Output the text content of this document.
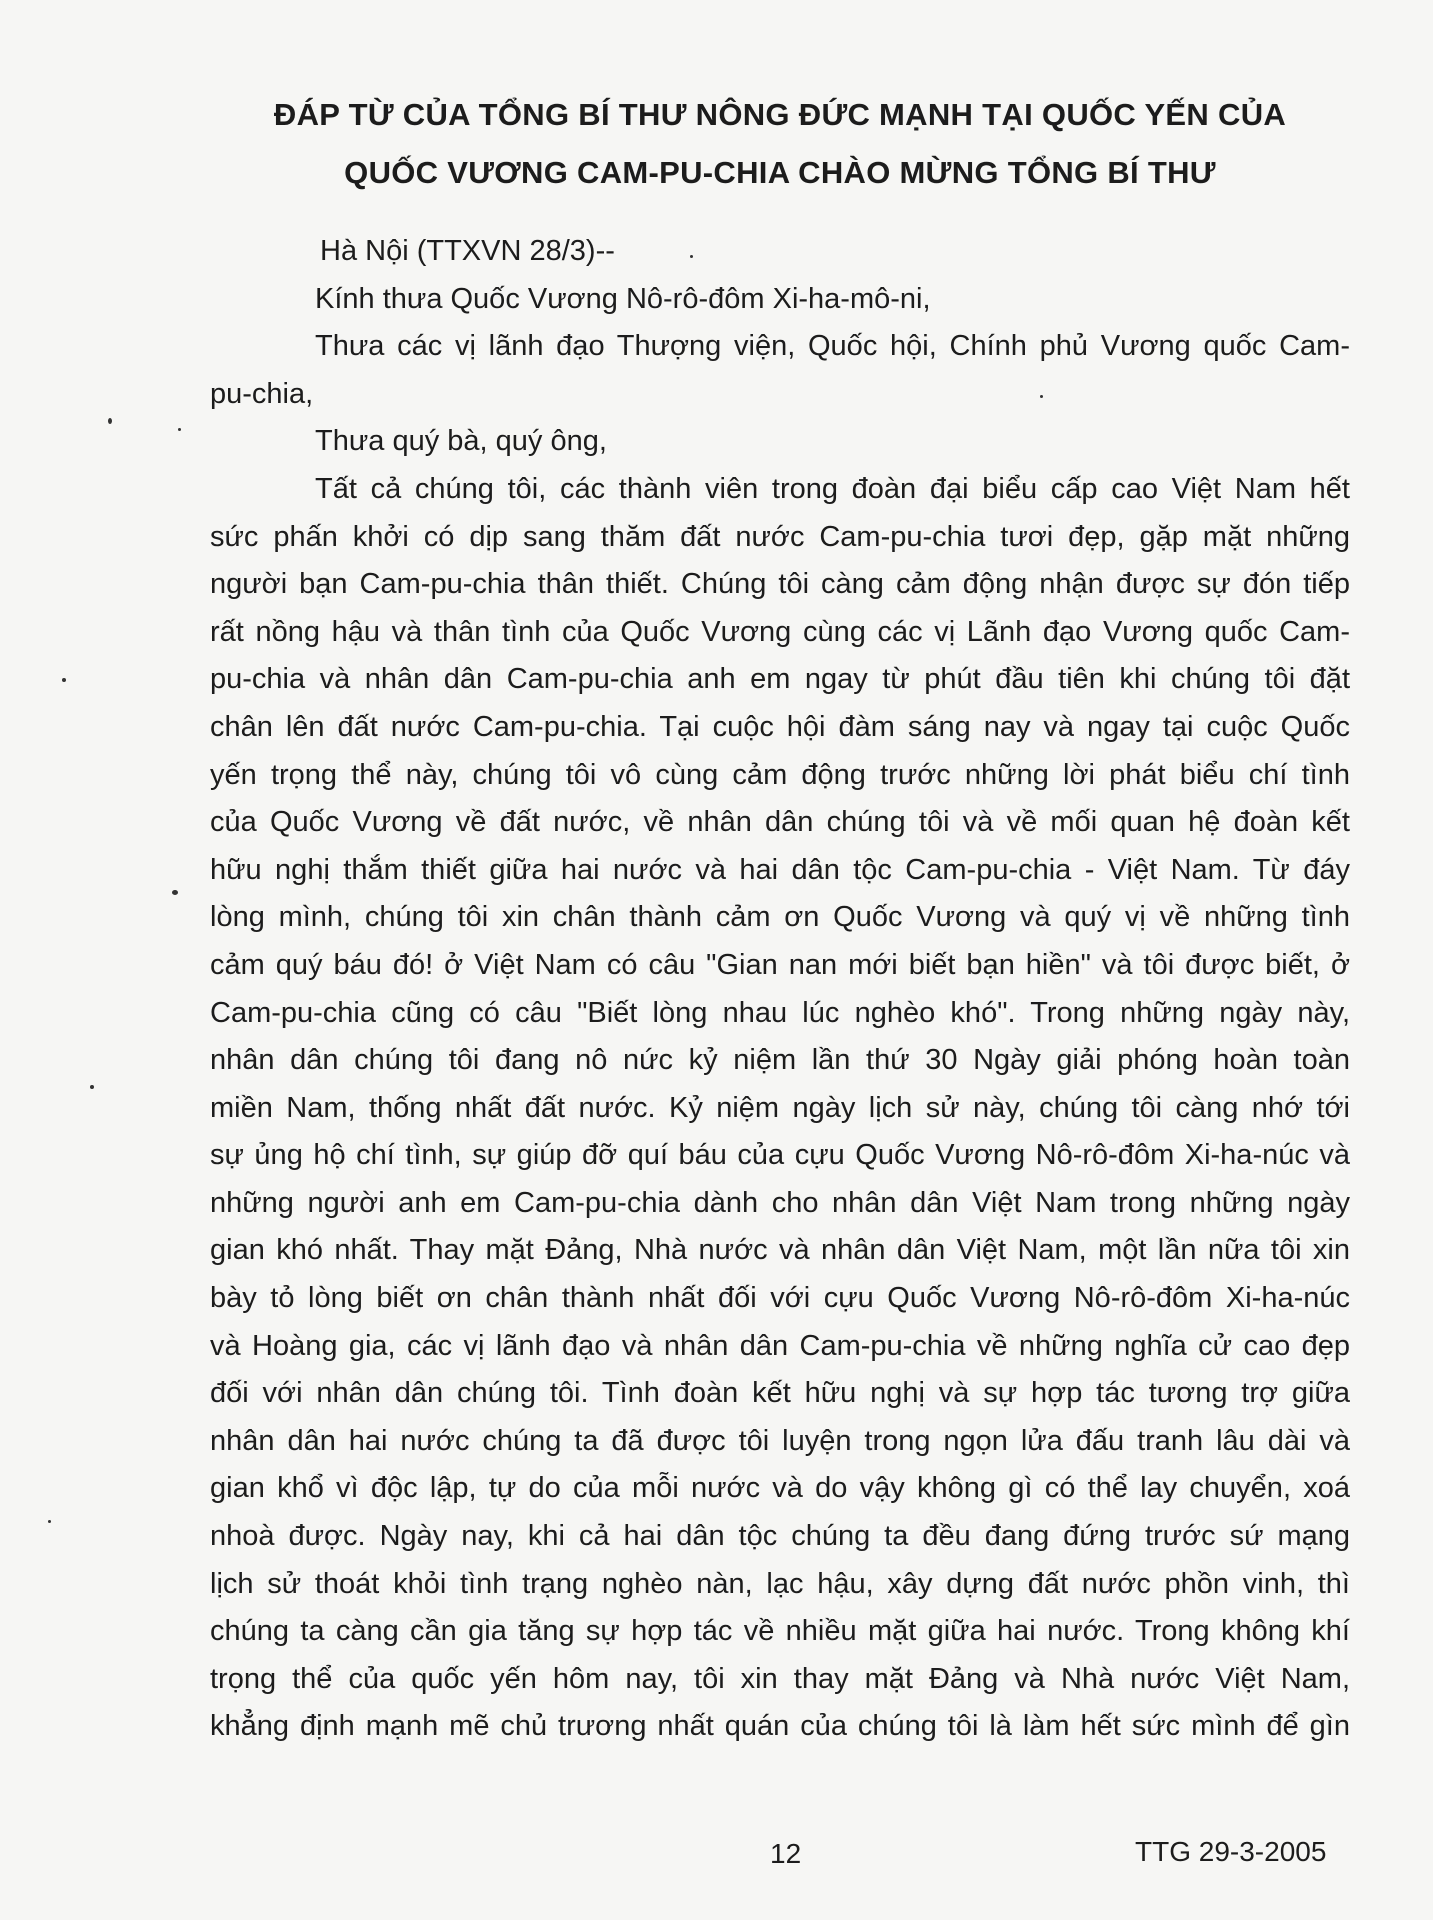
ĐÁP TỪ CỦA TỔNG BÍ THƯ NÔNG ĐỨC MẠNH TẠI QUỐC YẾN CỦA
QUỐC VƯƠNG CAM-PU-CHIA CHÀO MỪNG TỔNG BÍ THƯ
Hà Nội (TTXVN 28/3)--
Kính thưa Quốc Vương Nô-rô-đôm Xi-ha-mô-ni,
Thưa các vị lãnh đạo Thượng viện, Quốc hội, Chính phủ Vương quốc Cam-
pu-chia,
Thưa quý bà, quý ông,
Tất cả chúng tôi, các thành viên trong đoàn đại biểu cấp cao Việt Nam hết
sức phấn khởi có dịp sang thăm đất nước Cam-pu-chia tươi đẹp, gặp mặt những
người bạn Cam-pu-chia thân thiết. Chúng tôi càng cảm động nhận được sự đón tiếp
rất nồng hậu và thân tình của Quốc Vương cùng các vị Lãnh đạo Vương quốc Cam-
pu-chia và nhân dân Cam-pu-chia anh em ngay từ phút đầu tiên khi chúng tôi đặt
chân lên đất nước Cam-pu-chia. Tại cuộc hội đàm sáng nay và ngay tại cuộc Quốc
yến trọng thể này, chúng tôi vô cùng cảm động trước những lời phát biểu chí tình
của Quốc Vương về đất nước, về nhân dân chúng tôi và về mối quan hệ đoàn kết
hữu nghị thắm thiết giữa hai nước và hai dân tộc Cam-pu-chia - Việt Nam. Từ đáy
lòng mình, chúng tôi xin chân thành cảm ơn Quốc Vương và quý vị về những tình
cảm quý báu đó! ở Việt Nam có câu "Gian nan mới biết bạn hiền" và tôi được biết, ở
Cam-pu-chia cũng có câu "Biết lòng nhau lúc nghèo khó". Trong những ngày này,
nhân dân chúng tôi đang nô nức kỷ niệm lần thứ 30 Ngày giải phóng hoàn toàn
miền Nam, thống nhất đất nước. Kỷ niệm ngày lịch sử này, chúng tôi càng nhớ tới
sự ủng hộ chí tình, sự giúp đỡ quí báu của cựu Quốc Vương Nô-rô-đôm Xi-ha-núc và
những người anh em Cam-pu-chia dành cho nhân dân Việt Nam trong những ngày
gian khó nhất. Thay mặt Đảng, Nhà nước và nhân dân Việt Nam, một lần nữa tôi xin
bày tỏ lòng biết ơn chân thành nhất đối với cựu Quốc Vương Nô-rô-đôm Xi-ha-núc
và Hoàng gia, các vị lãnh đạo và nhân dân Cam-pu-chia về những nghĩa cử cao đẹp
đối với nhân dân chúng tôi. Tình đoàn kết hữu nghị và sự hợp tác tương trợ giữa
nhân dân hai nước chúng ta đã được tôi luyện trong ngọn lửa đấu tranh lâu dài và
gian khổ vì độc lập, tự do của mỗi nước và do vậy không gì có thể lay chuyển, xoá
nhoà được. Ngày nay, khi cả hai dân tộc chúng ta đều đang đứng trước sứ mạng
lịch sử thoát khỏi tình trạng nghèo nàn, lạc hậu, xây dựng đất nước phồn vinh, thì
chúng ta càng cần gia tăng sự hợp tác về nhiều mặt giữa hai nước. Trong không khí
trọng thể của quốc yến hôm nay, tôi xin thay mặt Đảng và Nhà nước Việt Nam,
khẳng định mạnh mẽ chủ trương nhất quán của chúng tôi là làm hết sức mình để gìn
12	TTG 29-3-2005
